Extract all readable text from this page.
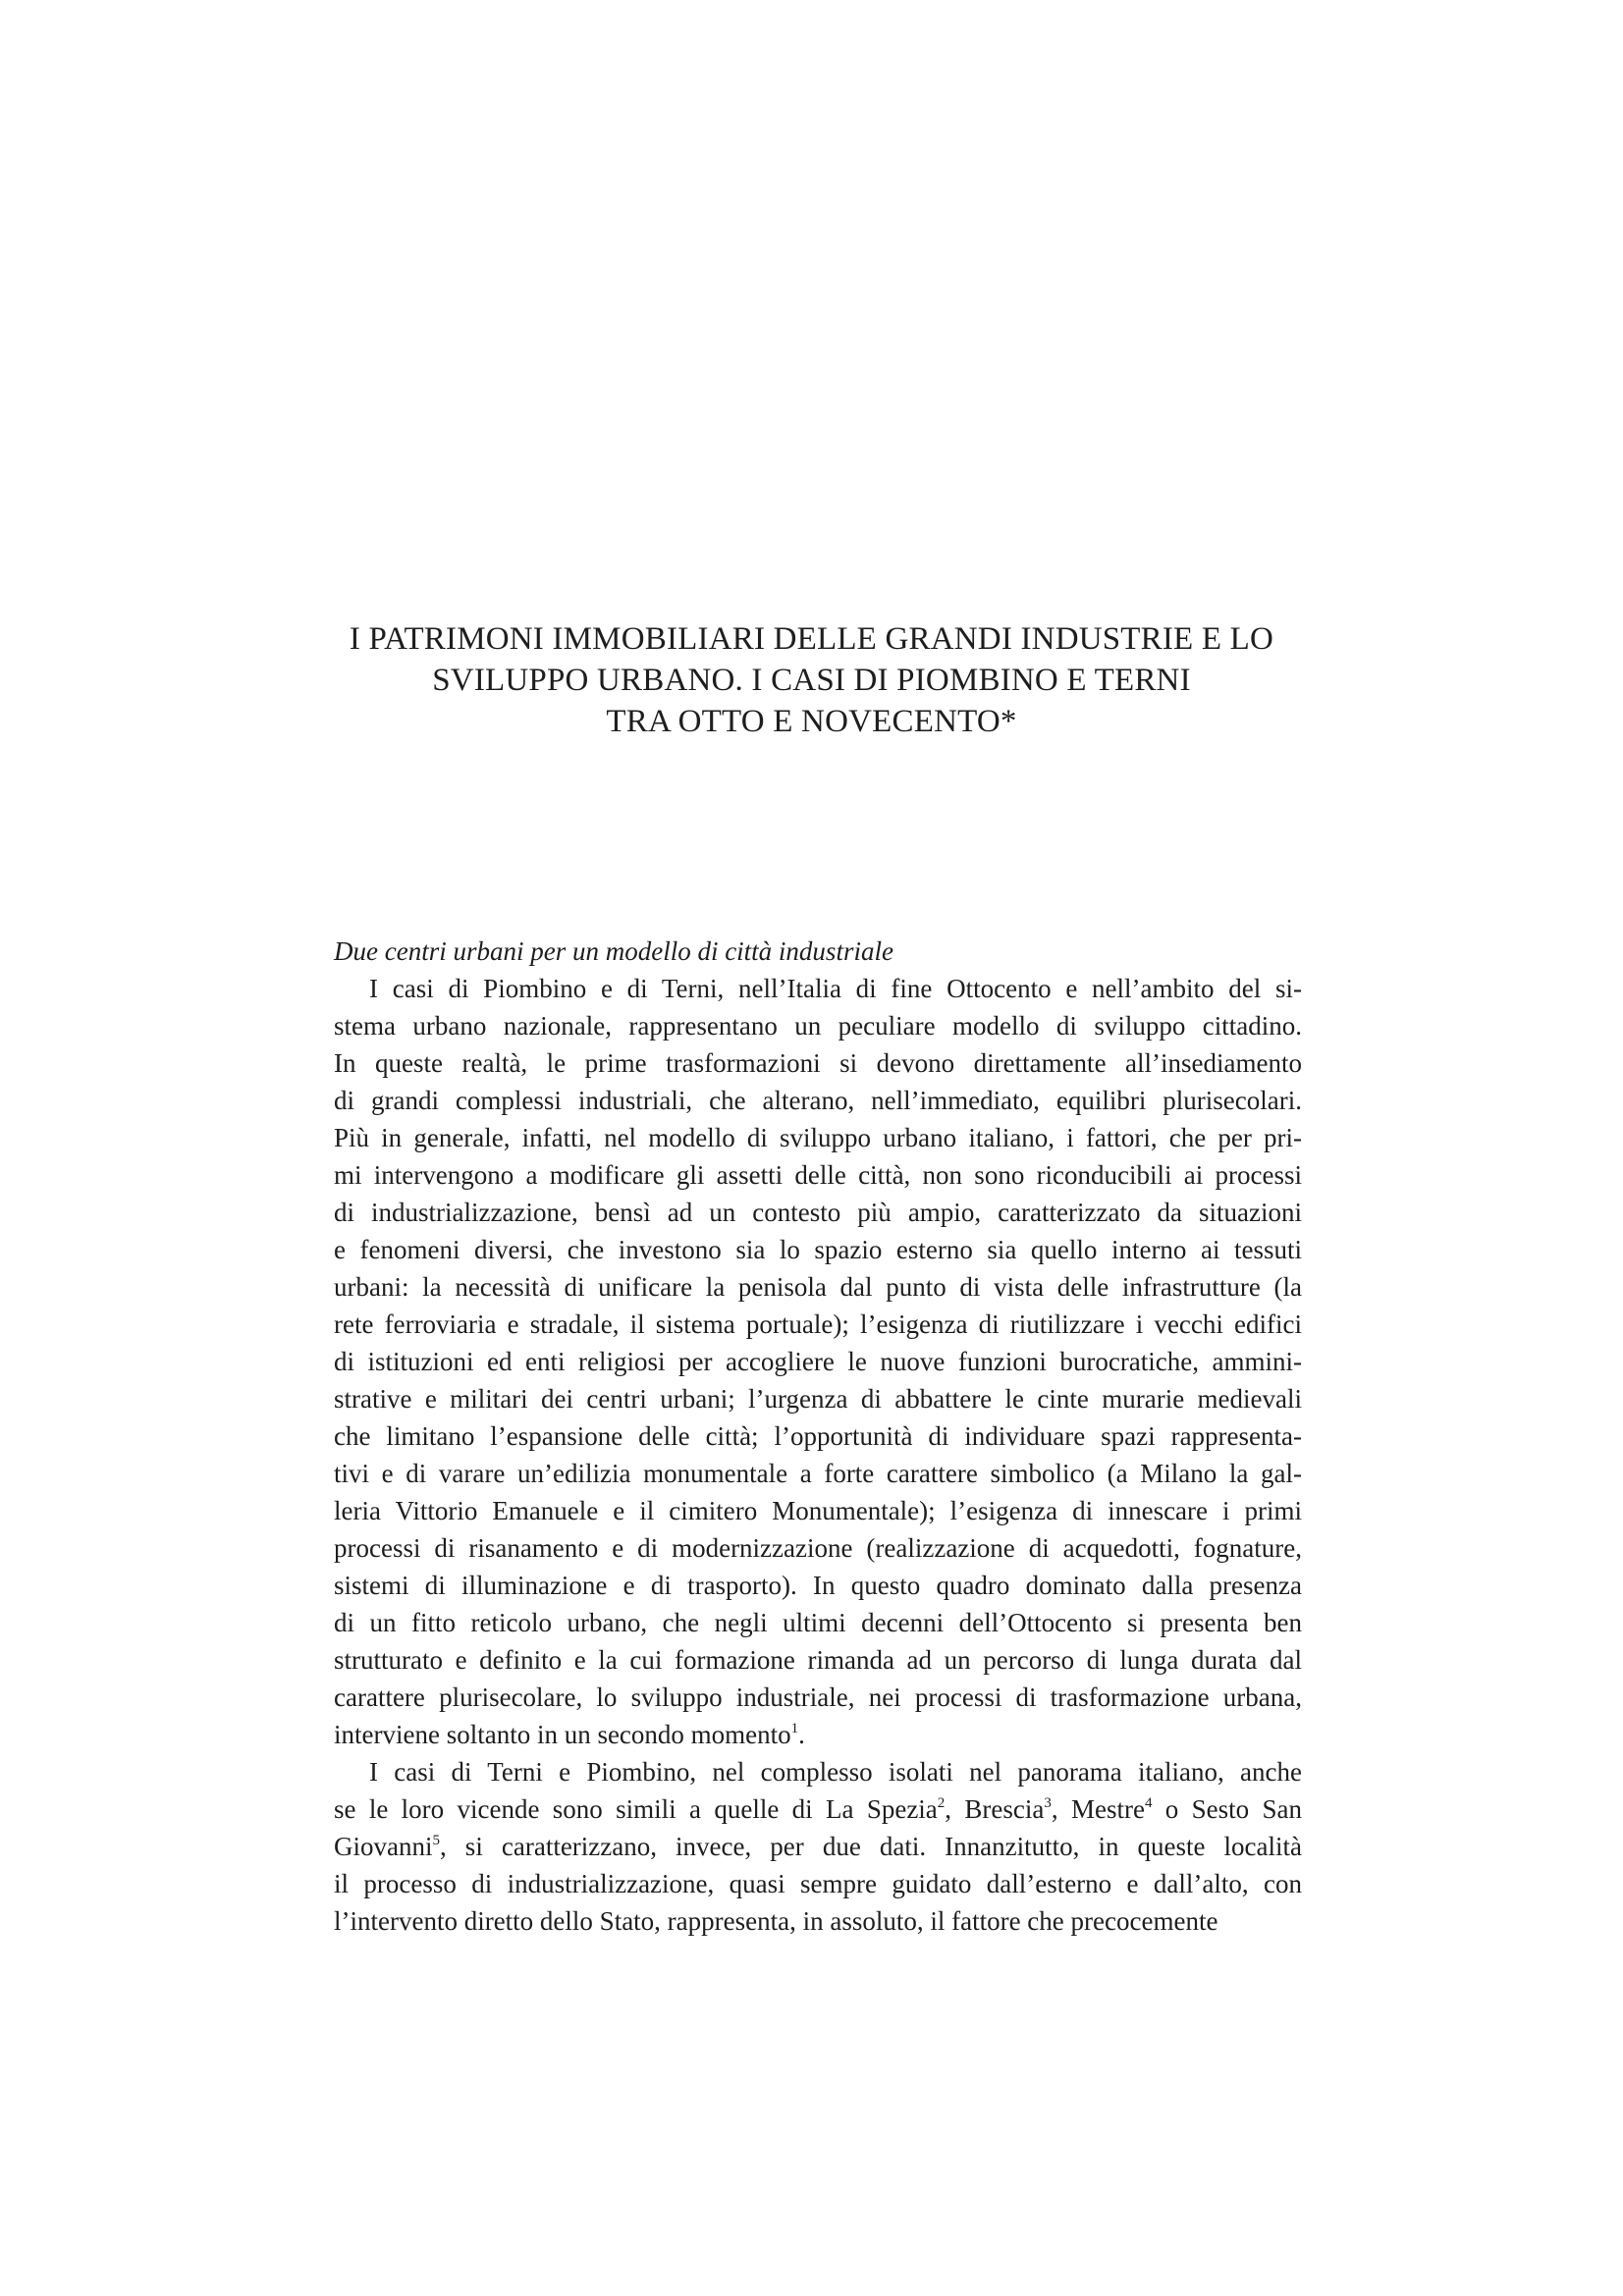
I PATRIMONI IMMOBILIARI DELLE GRANDI INDUSTRIE E LO
SVILUPPO URBANO. I CASI DI PIOMBINO E TERNI
TRA OTTO E NOVECENTO*
Due centri urbani per un modello di città industriale
I casi di Piombino e di Terni, nell’Italia di fine Ottocento e nell’ambito del si-
stema urbano nazionale, rappresentano un peculiare modello di sviluppo cittadino.
In queste realtà, le prime trasformazioni si devono direttamente all’insediamento
di grandi complessi industriali, che alterano, nell’immediato, equilibri plurisecolari.
Più in generale, infatti, nel modello di sviluppo urbano italiano, i fattori, che per pri-
mi intervengono a modificare gli assetti delle città, non sono riconducibili ai processi
di industrializzazione, bensì ad un contesto più ampio, caratterizzato da situazioni
e fenomeni diversi, che investono sia lo spazio esterno sia quello interno ai tessuti
urbani: la necessità di unificare la penisola dal punto di vista delle infrastrutture (la
rete ferroviaria e stradale, il sistema portuale); l’esigenza di riutilizzare i vecchi edifici
di istituzioni ed enti religiosi per accogliere le nuove funzioni burocratiche, ammini-
strative e militari dei centri urbani; l’urgenza di abbattere le cinte murarie medievali
che limitano l’espansione delle città; l’opportunità di individuare spazi rappresenta-
tivi e di varare un’edilizia monumentale a forte carattere simbolico (a Milano la gal-
leria Vittorio Emanuele e il cimitero Monumentale); l’esigenza di innescare i primi
processi di risanamento e di modernizzazione (realizzazione di acquedotti, fognature,
sistemi di illuminazione e di trasporto). In questo quadro dominato dalla presenza
di un fitto reticolo urbano, che negli ultimi decenni dell’Ottocento si presenta ben
strutturato e definito e la cui formazione rimanda ad un percorso di lunga durata dal
carattere plurisecolare, lo sviluppo industriale, nei processi di trasformazione urbana,
interviene soltanto in un secondo momento$^1$.
I casi di Terni e Piombino, nel complesso isolati nel panorama italiano, anche
se le loro vicende sono simili a quelle di La Spezia$^2$, Brescia$^3$, Mestre$^4$ o Sesto San
Giovanni$^5$, si caratterizzano, invece, per due dati. Innanzitutto, in queste località
il processo di industrializzazione, quasi sempre guidato dall’esterno e dall’alto, con
l’intervento diretto dello Stato, rappresenta, in assoluto, il fattore che precocemente
